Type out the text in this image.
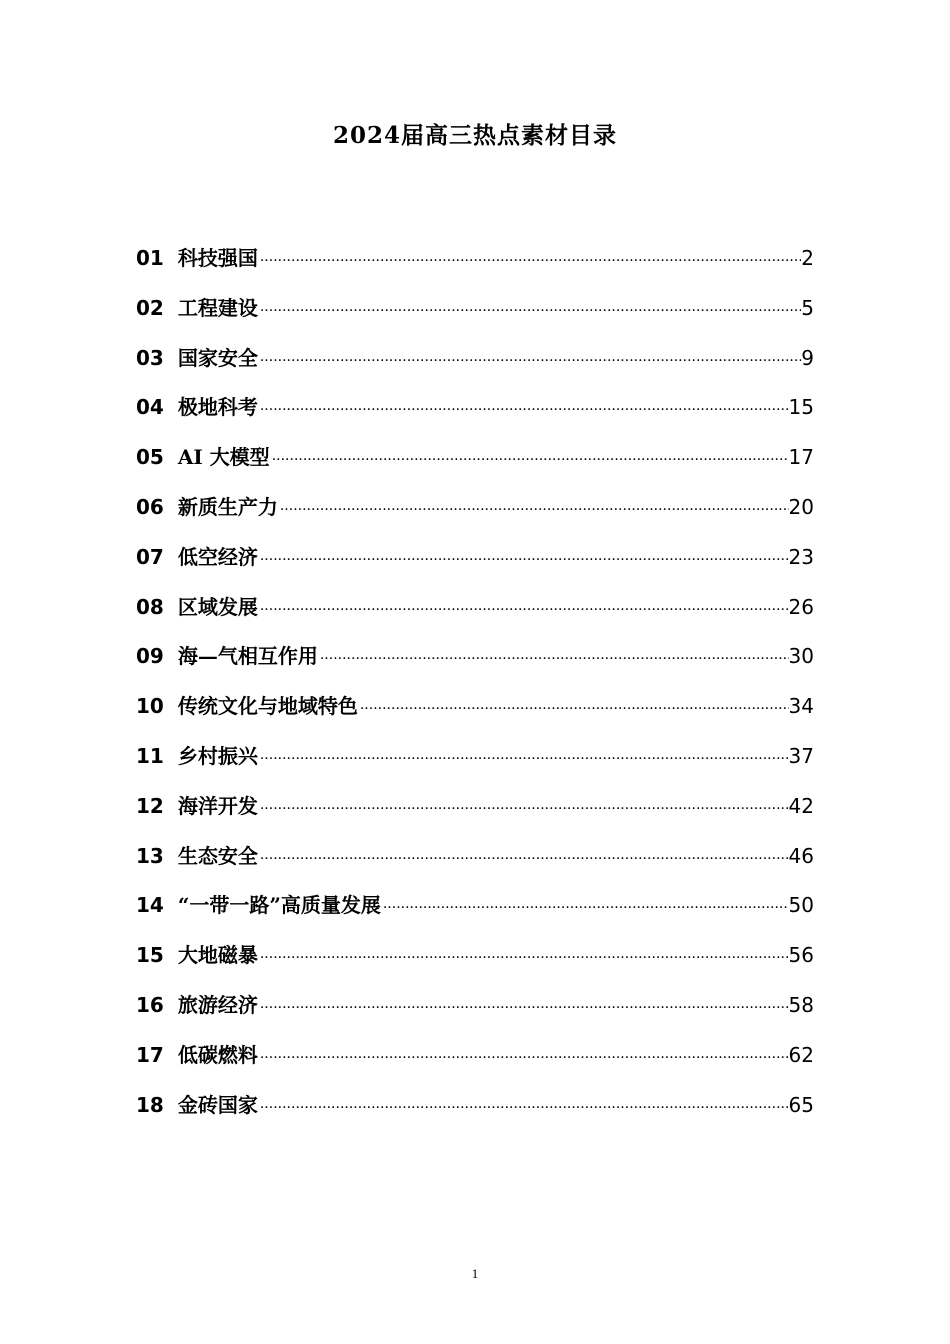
2024届高三热点素材目录
01 科技强国 ·····	2
02 工程建设 ·····	5
03 国家安全 ·····	9
04 极地科考 ·····	15
05 AI 大模型 ·····	17
06 新质生产力 ·····	20
07 低空经济 ·····	23
08 区域发展 ·····	26
09 海—气相互作用 ·····	30
10 传统文化与地域特色 ·····	34
11 乡村振兴 ·····	37
12 海洋开发 ·····	42
13 生态安全 ·····	46
14 “一带一路”高质量发展 ·····	50
15 大地磁暴 ·····	56
16 旅游经济 ·····	58
17 低碳燃料 ·····	62
18 金砖国家 ·····	65
1
